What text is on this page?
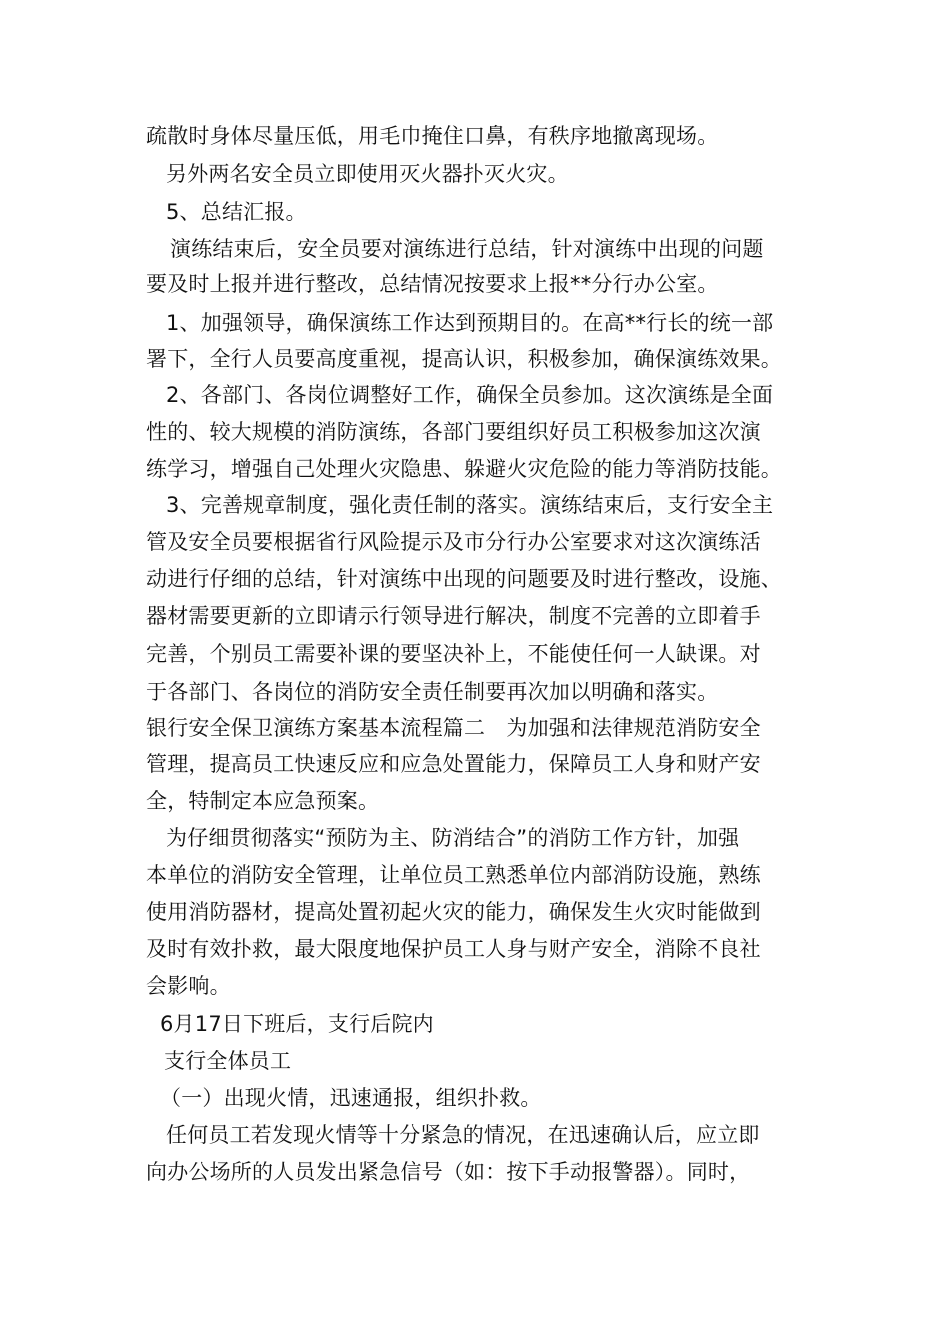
疏散时身体尽量压低，用毛巾掩住口鼻，有秩序地撤离现场。
另外两名安全员立即使用灭火器扑灭火灾。
5、总结汇报。
演练结束后，安全员要对演练进行总结，针对演练中出现的问题
要及时上报并进行整改，总结情况按要求上报**分行办公室。
1、加强领导，确保演练工作达到预期目的。在高**行长的统一部
署下，全行人员要高度重视，提高认识，积极参加，确保演练效果。
2、各部门、各岗位调整好工作，确保全员参加。这次演练是全面
性的、较大规模的消防演练，各部门要组织好员工积极参加这次演
练学习，增强自己处理火灾隐患、躲避火灾危险的能力等消防技能。
3、完善规章制度，强化责任制的落实。演练结束后，支行安全主
管及安全员要根据省行风险提示及市分行办公室要求对这次演练活
动进行仔细的总结，针对演练中出现的问题要及时进行整改，设施、
器材需要更新的立即请示行领导进行解决，制度不完善的立即着手
完善，个别员工需要补课的要坚决补上，不能使任何一人缺课。对
于各部门、各岗位的消防安全责任制要再次加以明确和落实。
银行安全保卫演练方案基本流程篇二　为加强和法律规范消防安全
管理，提高员工快速反应和应急处置能力，保障员工人身和财产安
全，特制定本应急预案。
为仔细贯彻落实“预防为主、防消结合”的消防工作方针，加强
本单位的消防安全管理，让单位员工熟悉单位内部消防设施，熟练
使用消防器材，提高处置初起火灾的能力，确保发生火灾时能做到
及时有效扑救，最大限度地保护员工人身与财产安全，消除不良社
会影响。
6月17日下班后，支行后院内
支行全体员工
（一）出现火情，迅速通报，组织扑救。
任何员工若发现火情等十分紧急的情况，在迅速确认后，应立即
向办公场所的人员发出紧急信号（如：按下手动报警器）。同时，
